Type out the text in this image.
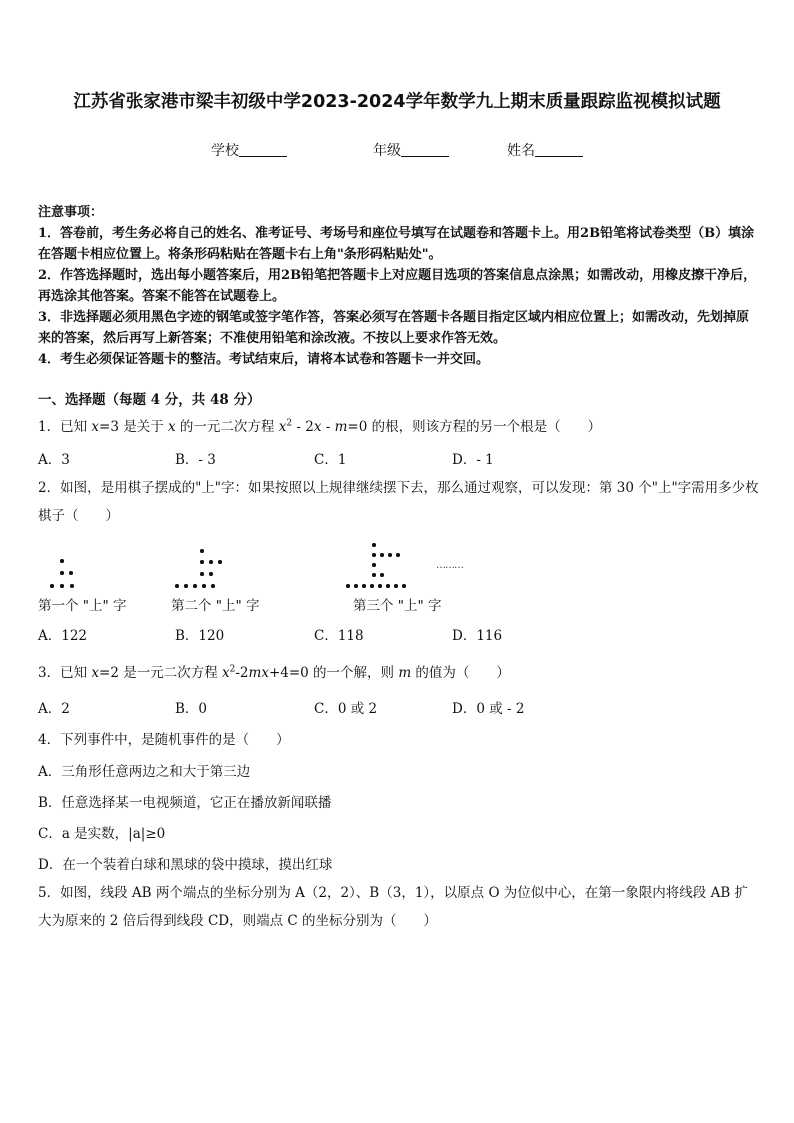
江苏省张家港市梁丰初级中学2023-2024学年数学九上期末质量跟踪监视模拟试题
学校	年级	姓名
注意事项：
1．答卷前，考生务必将自己的姓名、准考证号、考场号和座位号填写在试题卷和答题卡上。用2B铅笔将试卷类型（B）填涂在答题卡相应位置上。将条形码粘贴在答题卡右上角"条形码粘贴处"。
2．作答选择题时，选出每小题答案后，用2B铅笔把答题卡上对应题目选项的答案信息点涂黑；如需改动，用橡皮擦干净后，再选涂其他答案。答案不能答在试题卷上。
3．非选择题必须用黑色字迹的钢笔或签字笔作答，答案必须写在答题卡各题目指定区域内相应位置上；如需改动，先划掉原来的答案，然后再写上新答案；不准使用铅笔和涂改液。不按以上要求作答无效。
4．考生必须保证答题卡的整洁。考试结束后，请将本试卷和答题卡一并交回。
一、选择题（每题 4 分，共 48 分）
1．已知 x=3 是关于 x 的一元二次方程 $x^2 - 2x - m=0$ 的根，则该方程的另一个根是（　　）
A．3	B．- 3	C．1	D．- 1
2．如图，是用棋子摆成的"上"字：如果按照以上规律继续摆下去，那么通过观察，可以发现：第 30 个"上"字需用多少枚棋子（　　）
第一个 "上" 字	第二个 "上" 字	第三个 "上" 字
………
A．122	B．120	C．118	D．116
3．已知 x=2 是一元二次方程 $x^2-2mx+4=0$ 的一个解，则 m 的值为（　　）
A．2	B．0	C．0 或 2	D．0 或 - 2
4．下列事件中，是随机事件的是（　　）
A．三角形任意两边之和大于第三边
B．任意选择某一电视频道，它正在播放新闻联播
C．a 是实数，|a|≥0
D．在一个装着白球和黑球的袋中摸球，摸出红球
5．如图，线段 AB 两个端点的坐标分别为 A（2，2）、B（3，1），以原点 O 为位似中心，在第一象限内将线段 AB 扩大为原来的 2 倍后得到线段 CD，则端点 C 的坐标分别为（　　）
